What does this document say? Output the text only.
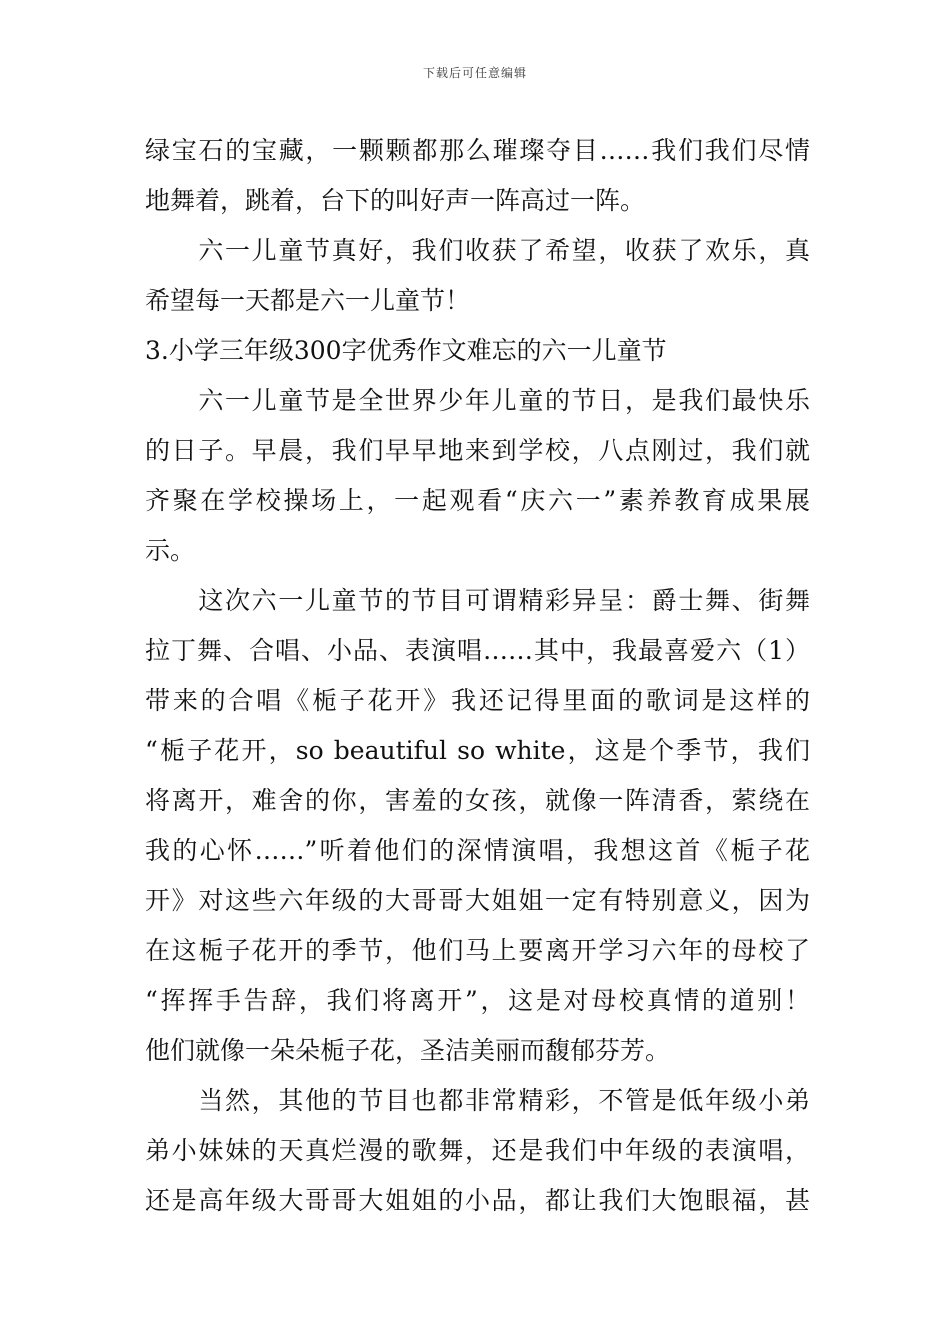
下载后可任意编辑
绿宝石的宝藏，一颗颗都那么璀璨夺目……我们我们尽情
地舞着，跳着，台下的叫好声一阵高过一阵。
　　六一儿童节真好，我们收获了希望，收获了欢乐，真
希望每一天都是六一儿童节！
3.小学三年级300字优秀作文难忘的六一儿童节
　　六一儿童节是全世界少年儿童的节日，是我们最快乐
的日子。早晨，我们早早地来到学校，八点刚过，我们就
齐聚在学校操场上，一起观看“庆六一”素养教育成果展
示。
　　这次六一儿童节的节目可谓精彩异呈：爵士舞、街舞
拉丁舞、合唱、小品、表演唱……其中，我最喜爱六（1）
带来的合唱《栀子花开》我还记得里面的歌词是这样的
“栀子花开，so beautiful so white，这是个季节，我们
将离开，难舍的你，害羞的女孩，就像一阵清香，萦绕在
我的心怀……”听着他们的深情演唱，我想这首《栀子花
开》对这些六年级的大哥哥大姐姐一定有特别意义，因为
在这栀子花开的季节，他们马上要离开学习六年的母校了
“挥挥手告辞，我们将离开”，这是对母校真情的道别！
他们就像一朵朵栀子花，圣洁美丽而馥郁芬芳。
　　当然，其他的节目也都非常精彩，不管是低年级小弟
弟小妹妹的天真烂漫的歌舞，还是我们中年级的表演唱，
还是高年级大哥哥大姐姐的小品，都让我们大饱眼福，甚
